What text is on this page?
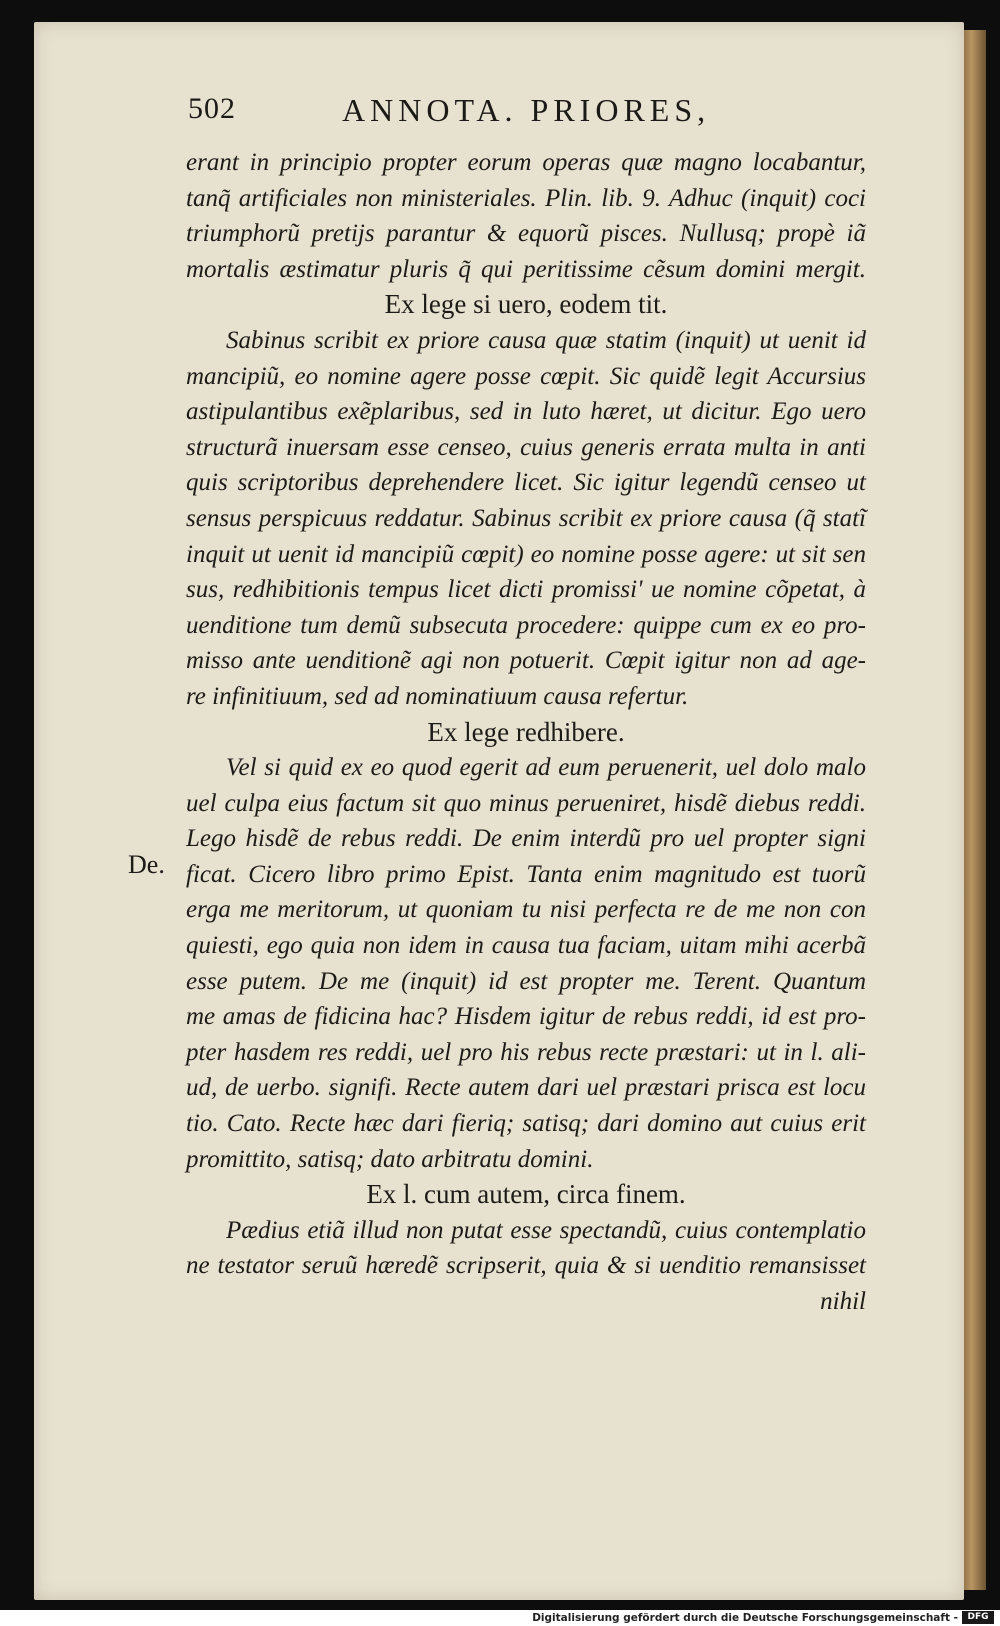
502	ANNOTA. PRIORES,
De.
erant in principio propter eorum operas quæ magno locabantur,
tanq̃ artificiales non ministeriales. Plin. lib. 9. Adhuc (inquit) coci
triumphorũ pretijs parantur & equorũ pisces. Nullusq; propè iã
mortalis æstimatur pluris q̃ qui peritissime cẽsum domini mergit.
Ex lege si uero, eodem tit.
Sabinus scribit ex priore causa quæ statim (inquit) ut uenit id
mancipiũ, eo nomine agere posse cœpit. Sic quidẽ legit Accursius
astipulantibus exẽplaribus, sed in luto hæret, ut dicitur. Ego uero
structurã inuersam esse censeo, cuius generis errata multa in anti
quis scriptoribus deprehendere licet. Sic igitur legendũ censeo ut
sensus perspicuus reddatur. Sabinus scribit ex priore causa (q̃ statĩ
inquit ut uenit id mancipiũ cœpit) eo nomine posse agere: ut sit sen
sus, redhibitionis tempus licet dicti promissi' ue nomine cõpetat, à
uenditione tum demũ subsecuta procedere: quippe cum ex eo pro-
misso ante uenditionẽ agi non potuerit. Cœpit igitur non ad age-
re infinitiuum, sed ad nominatiuum causa refertur.
Ex lege redhibere.
Vel si quid ex eo quod egerit ad eum peruenerit, uel dolo malo
uel culpa eius factum sit quo minus perueniret, hisdẽ diebus reddi.
Lego hisdẽ de rebus reddi. De enim interdũ pro uel propter signi
ficat. Cicero libro primo Epist. Tanta enim magnitudo est tuorũ
erga me meritorum, ut quoniam tu nisi perfecta re de me non con
quiesti, ego quia non idem in causa tua faciam, uitam mihi acerbã
esse putem. De me (inquit) id est propter me. Terent. Quantum
me amas de fidicina hac? Hisdem igitur de rebus reddi, id est pro-
pter hasdem res reddi, uel pro his rebus recte præstari: ut in l. ali-
ud, de uerbo. signifi. Recte autem dari uel præstari prisca est locu
tio. Cato. Recte hæc dari fieriq; satisq; dari domino aut cuius erit
promittito, satisq; dato arbitratu domini.
Ex l. cum autem, circa finem.
Pædius etiã illud non putat esse spectandũ, cuius contemplatio
ne testator seruũ hæredẽ scripserit, quia & si uenditio remansisset
nihil
Digitalisierung gefördert durch die Deutsche Forschungsgemeinschaft -	DFG
